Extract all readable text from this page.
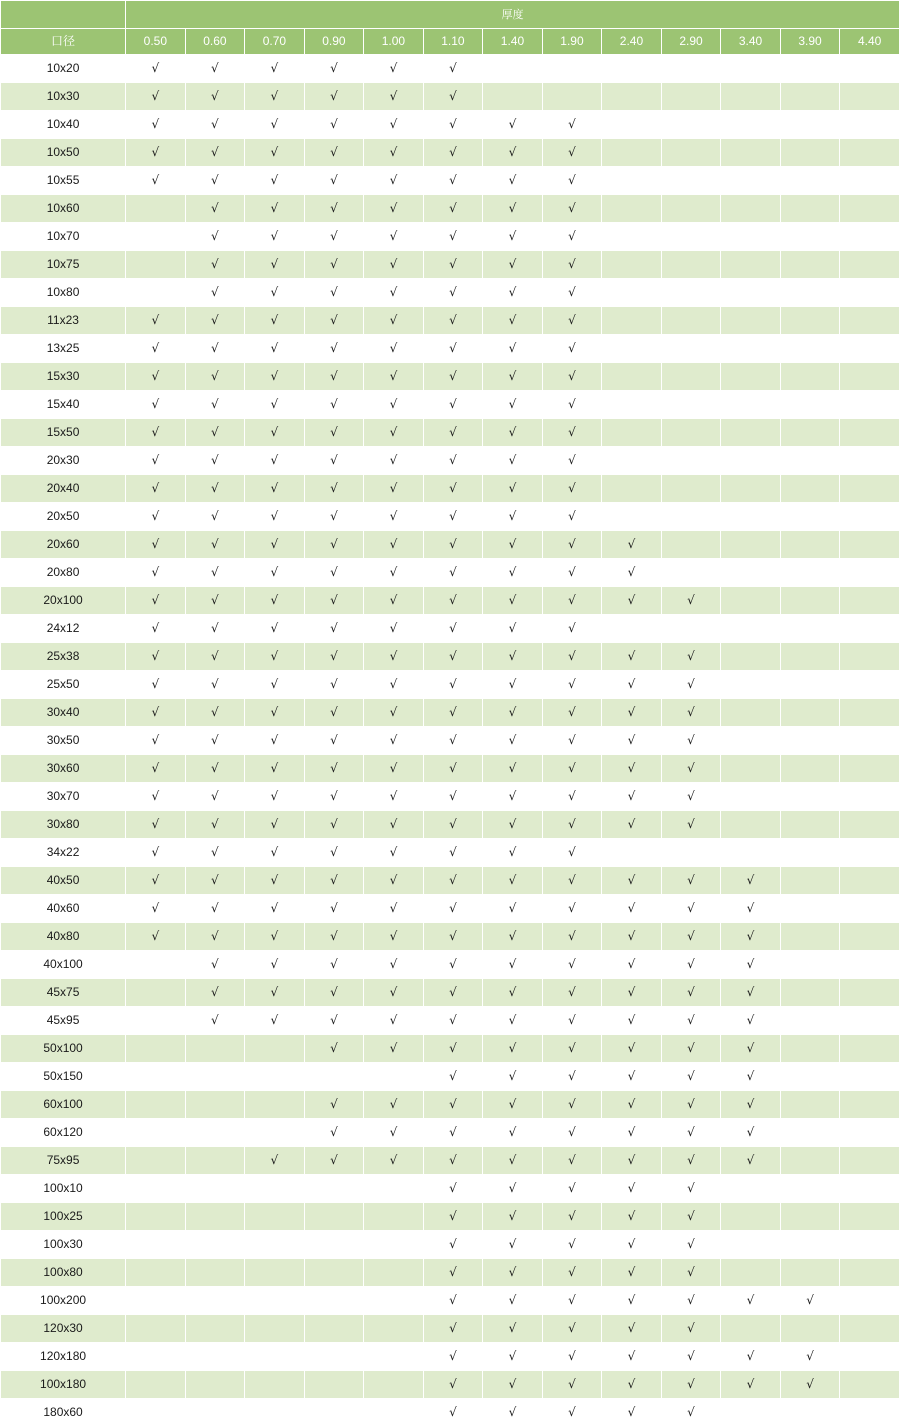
	厚度												
口径	0.50	0.60	0.70	0.90	1.00	1.10	1.40	1.90	2.40	2.90	3.40	3.90	4.40
10x20	√	√	√	√	√	√							
10x30	√	√	√	√	√	√							
10x40	√	√	√	√	√	√	√	√					
10x50	√	√	√	√	√	√	√	√					
10x55	√	√	√	√	√	√	√	√					
10x60		√	√	√	√	√	√	√					
10x70		√	√	√	√	√	√	√					
10x75		√	√	√	√	√	√	√					
10x80		√	√	√	√	√	√	√					
11x23	√	√	√	√	√	√	√	√					
13x25	√	√	√	√	√	√	√	√					
15x30	√	√	√	√	√	√	√	√					
15x40	√	√	√	√	√	√	√	√					
15x50	√	√	√	√	√	√	√	√					
20x30	√	√	√	√	√	√	√	√					
20x40	√	√	√	√	√	√	√	√					
20x50	√	√	√	√	√	√	√	√					
20x60	√	√	√	√	√	√	√	√	√				
20x80	√	√	√	√	√	√	√	√	√				
20x100	√	√	√	√	√	√	√	√	√	√			
24x12	√	√	√	√	√	√	√	√					
25x38	√	√	√	√	√	√	√	√	√	√			
25x50	√	√	√	√	√	√	√	√	√	√			
30x40	√	√	√	√	√	√	√	√	√	√			
30x50	√	√	√	√	√	√	√	√	√	√			
30x60	√	√	√	√	√	√	√	√	√	√			
30x70	√	√	√	√	√	√	√	√	√	√			
30x80	√	√	√	√	√	√	√	√	√	√			
34x22	√	√	√	√	√	√	√	√					
40x50	√	√	√	√	√	√	√	√	√	√	√		
40x60	√	√	√	√	√	√	√	√	√	√	√		
40x80	√	√	√	√	√	√	√	√	√	√	√		
40x100		√	√	√	√	√	√	√	√	√	√		
45x75		√	√	√	√	√	√	√	√	√	√		
45x95		√	√	√	√	√	√	√	√	√	√		
50x100				√	√	√	√	√	√	√	√		
50x150						√	√	√	√	√	√		
60x100				√	√	√	√	√	√	√	√		
60x120				√	√	√	√	√	√	√	√		
75x95			√	√	√	√	√	√	√	√	√		
100x10						√	√	√	√	√			
100x25						√	√	√	√	√			
100x30						√	√	√	√	√			
100x80						√	√	√	√	√			
100x200						√	√	√	√	√	√	√	
120x30						√	√	√	√	√			
120x180						√	√	√	√	√	√	√	
100x180						√	√	√	√	√	√	√	
180x60						√	√	√	√	√			
